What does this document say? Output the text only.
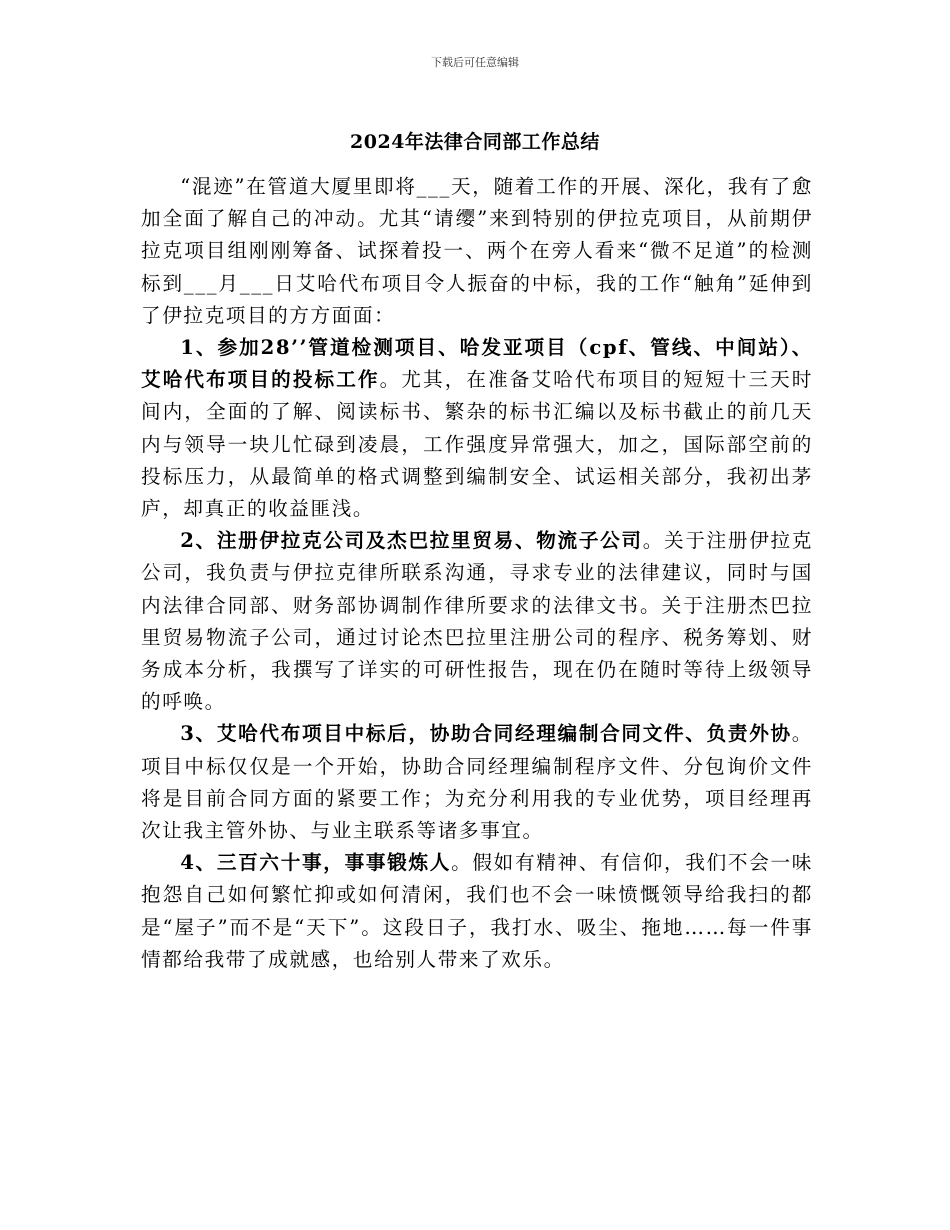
下载后可任意编辑
2024年法律合同部工作总结

“混迹”在管道大厦里即将___天，随着工作的开展、深化，我有了愈加全面了解自己的冲动。尤其“请缨”来到特别的伊拉克项目，从前期伊拉克项目组刚刚筹备、试探着投一、两个在旁人看来“微不足道”的检测标到___月___日艾哈代布项目令人振奋的中标，我的工作“触角”延伸到了伊拉克项目的方方面面：

1、参加28’’管道检测项目、哈发亚项目（cpf、管线、中间站）、艾哈代布项目的投标工作。尤其，在准备艾哈代布项目的短短十三天时间内，全面的了解、阅读标书、繁杂的标书汇编以及标书截止的前几天内与领导一块儿忙碌到凌晨，工作强度异常强大，加之，国际部空前的投标压力，从最简单的格式调整到编制安全、试运相关部分，我初出茅庐，却真正的收益匪浅。

2、注册伊拉克公司及杰巴拉里贸易、物流子公司。关于注册伊拉克公司，我负责与伊拉克律所联系沟通，寻求专业的法律建议，同时与国内法律合同部、财务部协调制作律所要求的法律文书。关于注册杰巴拉里贸易物流子公司，通过讨论杰巴拉里注册公司的程序、税务筹划、财务成本分析，我撰写了详实的可研性报告，现在仍在随时等待上级领导的呼唤。

3、艾哈代布项目中标后，协助合同经理编制合同文件、负责外协。项目中标仅仅是一个开始，协助合同经理编制程序文件、分包询价文件将是目前合同方面的紧要工作；为充分利用我的专业优势，项目经理再次让我主管外协、与业主联系等诸多事宜。

4、三百六十事，事事锻炼人。假如有精神、有信仰，我们不会一味抱怨自己如何繁忙抑或如何清闲，我们也不会一味愤慨领导给我扫的都是“屋子”而不是“天下”。这段日子，我打水、吸尘、拖地……每一件事情都给我带了成就感，也给别人带来了欢乐。
